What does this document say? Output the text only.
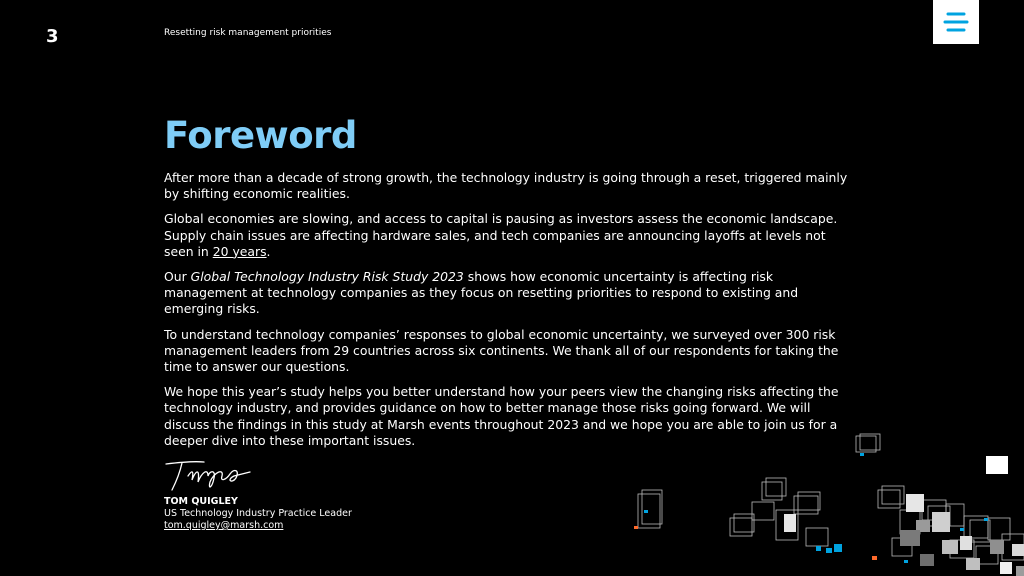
3	Resetting risk management priorities
Foreword

After more than a decade of strong growth, the technology industry is going through a reset, triggered mainly by shifting economic realities.

Global economies are slowing, and access to capital is pausing as investors assess the economic landscape. Supply chain issues are affecting hardware sales, and tech companies are announcing layoffs at levels not seen in 20 years.

Our Global Technology Industry Risk Study 2023 shows how economic uncertainty is affecting risk management at technology companies as they focus on resetting priorities to respond to existing and emerging risks.

To understand technology companies’ responses to global economic uncertainty, we surveyed over 300 risk management leaders from 29 countries across six continents. We thank all of our respondents for taking the time to answer our questions.

We hope this year’s study helps you better understand how your peers view the changing risks affecting the technology industry, and provides guidance on how to better manage those risks going forward. We will discuss the findings in this study at Marsh events throughout 2023 and we hope you are able to join us for a deeper dive into these important issues.

TOM QUIGLEY
US Technology Industry Practice Leader
tom.quigley@marsh.com
